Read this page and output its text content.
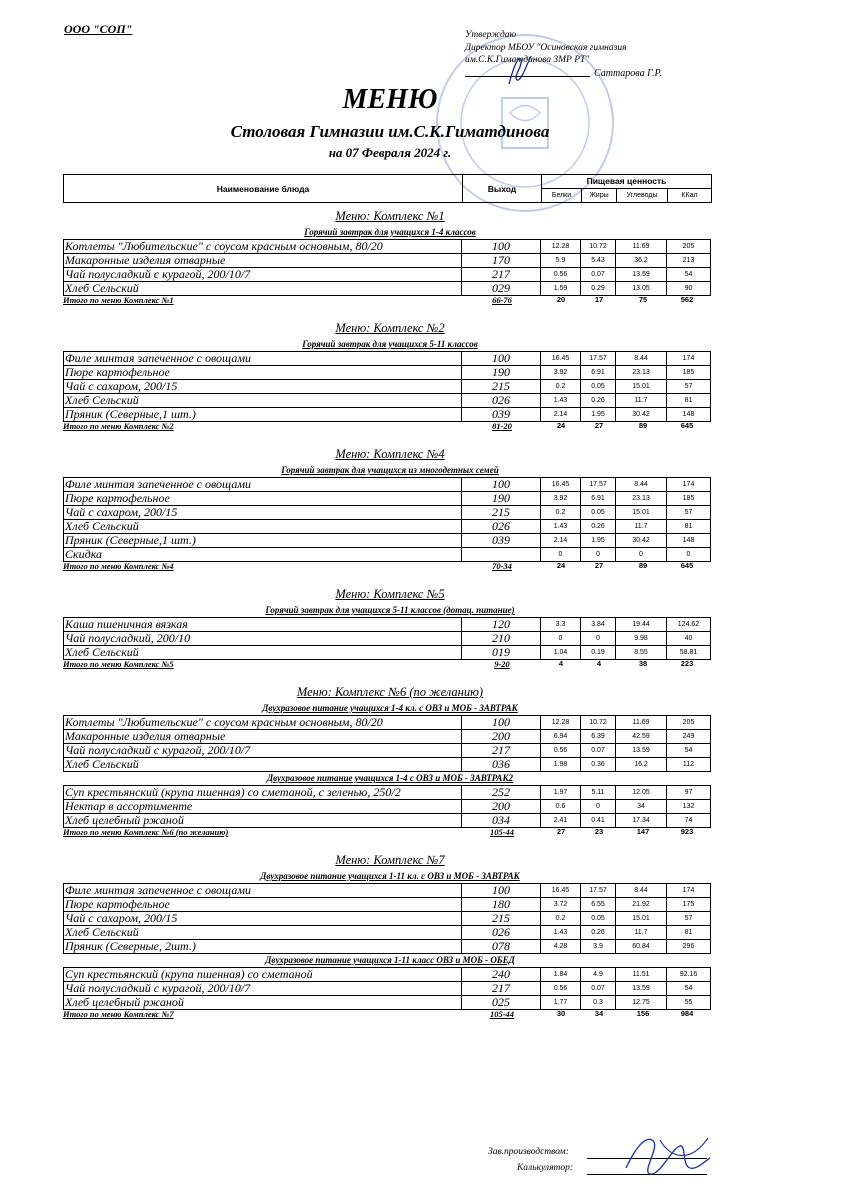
ООО "СОП"	Утверждаю
Директор МБОУ "Осиновская гимназия
им.С.К.Гиматдинова ЗМР РТ"
Саттарова Г.Р.
МЕНЮ
Столовая Гимназии им.С.К.Гиматдинова
на 07 Февраля 2024 г.
Наименование блюда	Выход
Пищевая ценность
Белки	Жиры	Углеводы	ККал
Меню: Комплекс №1
Горячий завтрак для учащихся 1-4 классов
Котлеты "Любительские" с соусом красным основным, 80/20	100	12.28	10.72	11.69	205
Макаронные изделия отварные	170	5.9	5.43	36.2	213
Чай полусладкий с курагой, 200/10/7	217	0.56	0.07	13.59	54
Хлеб Сельский	029	1.59	0.29	13.05	90
Итого по меню Комплекс №1	66-76	20	17	75	562
Меню: Комплекс №2
Горячий завтрак для учащихся 5-11 классов
Филе минтая запеченное с овощами	100	16.45	17.57	8.44	174
Пюре картофельное	190	3.92	6.91	23.13	185
Чай с сахаром, 200/15	215	0.2	0.05	15.01	57
Хлеб Сельский	026	1.43	0.26	11.7	81
Пряник (Северные,1 шт.)	039	2.14	1.95	30.42	148
Итого по меню Комплекс №2	81-20	24	27	89	645
Меню: Комплекс №4
Горячий завтрак для учащихся из многодетных семей
Филе минтая запеченное с овощами	100	16.45	17.57	8.44	174
Пюре картофельное	190	3.92	6.91	23.13	185
Чай с сахаром, 200/15	215	0.2	0.05	15.01	57
Хлеб Сельский	026	1.43	0.26	11.7	81
Пряник (Северные,1 шт.)	039	2.14	1.95	30.42	148
Скидка		0	0	0	0
Итого по меню Комплекс №4	70-34	24	27	89	645
Меню: Комплекс №5
Горячий завтрак для учащихся 5-11 классов (дотац. питание)
Каша пшеничная вязкая	120	3.3	3.84	19.44	124.62
Чай полусладкий, 200/10	210	0	0	9.98	40
Хлеб Сельский	019	1.04	0.19	8.55	58.81
Итого по меню Комплекс №5	9-20	4	4	38	223
Меню: Комплекс №6 (по желанию)
Двухразовое питание учащихся 1-4 кл. с ОВЗ и МОБ - ЗАВТРАК
Котлеты "Любительские" с соусом красным основным, 80/20	100	12.28	10.72	11.69	205
Макаронные изделия отварные	200	6.94	6.39	42.59	249
Чай полусладкий с курагой, 200/10/7	217	0.56	0.07	13.59	54
Хлеб Сельский	036	1.98	0.36	16.2	112
Двухразовое питание учащихся 1-4 с ОВЗ и МОБ - ЗАВТРАК2
Суп крестьянский (крупа пшенная) со сметаной, с зеленью, 250/2	252	1.97	5.11	12.05	97
Нектар в ассортименте	200	0.6	0	34	132
Хлеб целебный ржаной	034	2.41	0.41	17.34	74
Итого по меню Комплекс №6 (по желанию)	105-44	27	23	147	923
Меню: Комплекс №7
Двухразовое питание учащихся 1-11 кл. с ОВЗ и МОБ - ЗАВТРАК
Филе минтая запеченное с овощами	100	16.45	17.57	8.44	174
Пюре картофельное	180	3.72	6.55	21.92	175
Чай с сахаром, 200/15	215	0.2	0.05	15.01	57
Хлеб Сельский	026	1.43	0.26	11.7	81
Пряник (Северные, 2шт.)	078	4.28	3.9	60.84	296
Двухразовое питание учащихся 1-11 класс ОВЗ и МОБ - ОБЕД
Суп крестьянский (крупа пшенная) со сметаной	240	1.84	4.9	11.51	92.16
Чай полусладкий с курагой, 200/10/7	217	0.56	0.07	13.59	54
Хлеб целебный ржаной	025	1.77	0.3	12.75	55
Итого по меню Комплекс №7	105-44	30	34	156	984
Зав.производством:
Калькулятор:
